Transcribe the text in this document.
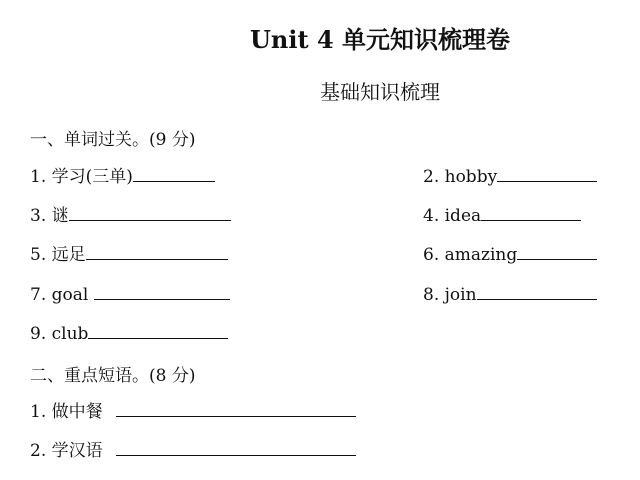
Unit 4 单元知识梳理卷
基础知识梳理
一、单词过关。(9 分)
1. 学习(三单)	2. hobby
3. 谜	4. idea
5. 远足	6. amazing
7. goal	8. join
9. club
二、重点短语。(8 分)
1. 做中餐
2. 学汉语
